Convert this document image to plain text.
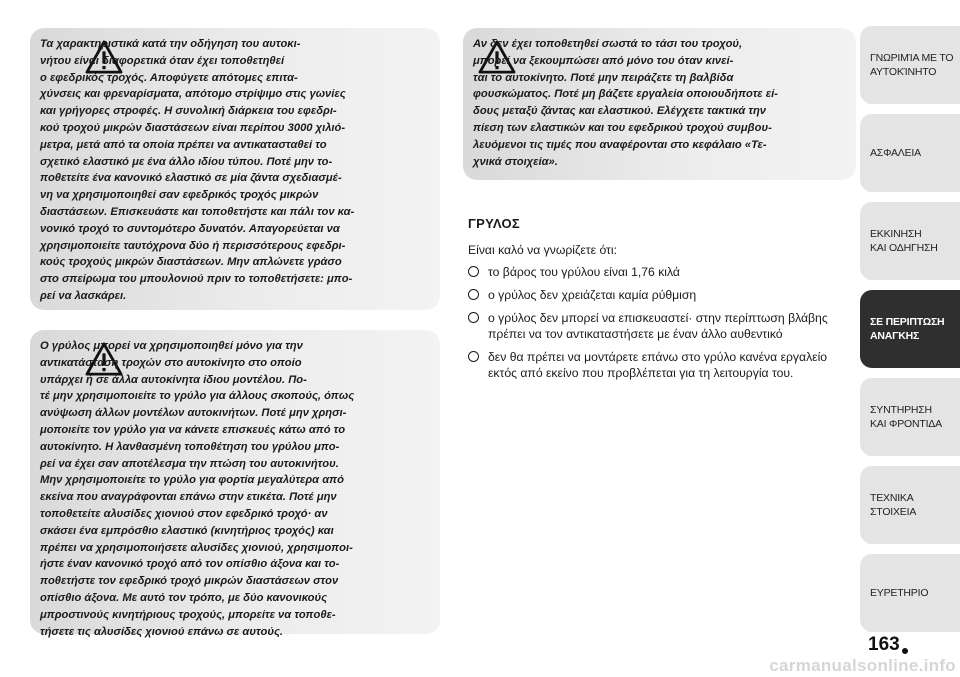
Τα χαρακτηριστικά κατά την οδήγηση του αυτοκι-
νήτου είναι διαφορετικά όταν έχει τοποθετηθεί
ο εφεδρικός τροχός. Αποφύγετε απότομες επιτα-
χύνσεις και φρεναρίσματα, απότομο στρίψιμο στις γωνίες
και γρήγορες στροφές. Η συνολική διάρκεια του εφεδρι-
κού τροχού μικρών διαστάσεων είναι περίπου 3000 χιλιό-
μετρα, μετά από τα οποία πρέπει να αντικατασταθεί το
σχετικό ελαστικό με ένα άλλο ιδίου τύπου. Ποτέ μην το-
ποθετείτε ένα κανονικό ελαστικό σε μία ζάντα σχεδιασμέ-
νη να χρησιμοποιηθεί σαν εφεδρικός τροχός μικρών
διαστάσεων. Επισκευάστε και τοποθετήστε και πάλι τον κα-
νονικό τροχό το συντομότερο δυνατόν. Απαγορεύεται να
χρησιμοποιείτε ταυτόχρονα δύο ή περισσότερους εφεδρι-
κούς τροχούς μικρών διαστάσεων. Μην απλώνετε γράσο
στο σπείρωμα του μπουλονιού πριν το τοποθετήσετε: μπο-
ρεί να λασκάρει.
Ο γρύλος μπορεί να χρησιμοποιηθεί μόνο για την
αντικατάσταση τροχών στο αυτοκίνητο στο οποίο
υπάρχει ή σε άλλα αυτοκίνητα ίδιου μοντέλου. Πο-
τέ μην χρησιμοποιείτε το γρύλο για άλλους σκοπούς, όπως
ανύψωση άλλων μοντέλων αυτοκινήτων. Ποτέ μην χρησι-
μοποιείτε τον γρύλο για να κάνετε επισκευές κάτω από το
αυτοκίνητο. Η λανθασμένη τοποθέτηση του γρύλου μπο-
ρεί να έχει σαν αποτέλεσμα την πτώση του αυτοκινήτου.
Μην χρησιμοποιείτε το γρύλο για φορτία μεγαλύτερα από
εκείνα που αναγράφονται επάνω στην ετικέτα. Ποτέ μην
τοποθετείτε αλυσίδες χιονιού στον εφεδρικό τροχό· αν
σκάσει ένα εμπρόσθιο ελαστικό (κινητήριος τροχός) και
πρέπει να χρησιμοποιήσετε αλυσίδες χιονιού, χρησιμοποι-
ήστε έναν κανονικό τροχό από τον οπίσθιο άξονα και το-
ποθετήστε τον εφεδρικό τροχό μικρών διαστάσεων στον
οπίσθιο άξονα. Με αυτό τον τρόπο, με δύο κανονικούς
μπροστινούς κινητήριους τροχούς, μπορείτε να τοποθε-
τήσετε τις αλυσίδες χιονιού επάνω σε αυτούς.
Αν δεν έχει τοποθετηθεί σωστά το τάσι του τροχού,
μπορεί να ξεκουμπώσει από μόνο του όταν κινεί-
ται το αυτοκίνητο. Ποτέ μην πειράζετε τη βαλβίδα
φουσκώματος. Ποτέ μη βάζετε εργαλεία οποιουδήποτε εί-
δους μεταξύ ζάντας και ελαστικού. Ελέγχετε τακτικά την
πίεση των ελαστικών και του εφεδρικού τροχού συμβου-
λευόμενοι τις τιμές που αναφέρονται στο κεφάλαιο «Τε-
χνικά στοιχεία».
ΓΡΥΛΟΣ
Είναι καλό να γνωρίζετε ότι:
το βάρος του γρύλου είναι 1,76 κιλά
ο γρύλος δεν χρειάζεται καμία ρύθμιση
ο γρύλος δεν μπορεί να επισκευαστεί· στην περίπτωση βλάβης
πρέπει να τον αντικαταστήσετε με έναν άλλο αυθεντικό
δεν θα πρέπει να μοντάρετε επάνω στο γρύλο κανένα εργαλείο
εκτός από εκείνο που προβλέπεται για τη λειτουργία του.
ΓΝΩΡΙΜΊΑ ΜΕ ΤΟ
ΑΥΤΟΚΊΝΗΤΟ
ΑΣΦΑΛΕΙΑ
ΕΚΚΙΝΗΣΗ
ΚΑΙ ΟΔΗΓΗΣΗ
ΣΕ ΠΕΡΙΠΤΩΣΗ
ΑΝΑΓΚΗΣ
ΣΥΝΤΗΡΗΣΗ
ΚΑΙ ΦΡΟΝΤΙΔΑ
ΤΕΧΝΙΚΑ
ΣΤΟΙΧΕΙΑ
ΕΥΡΕΤΗΡΙΟ
163
carmanualsonline.info
